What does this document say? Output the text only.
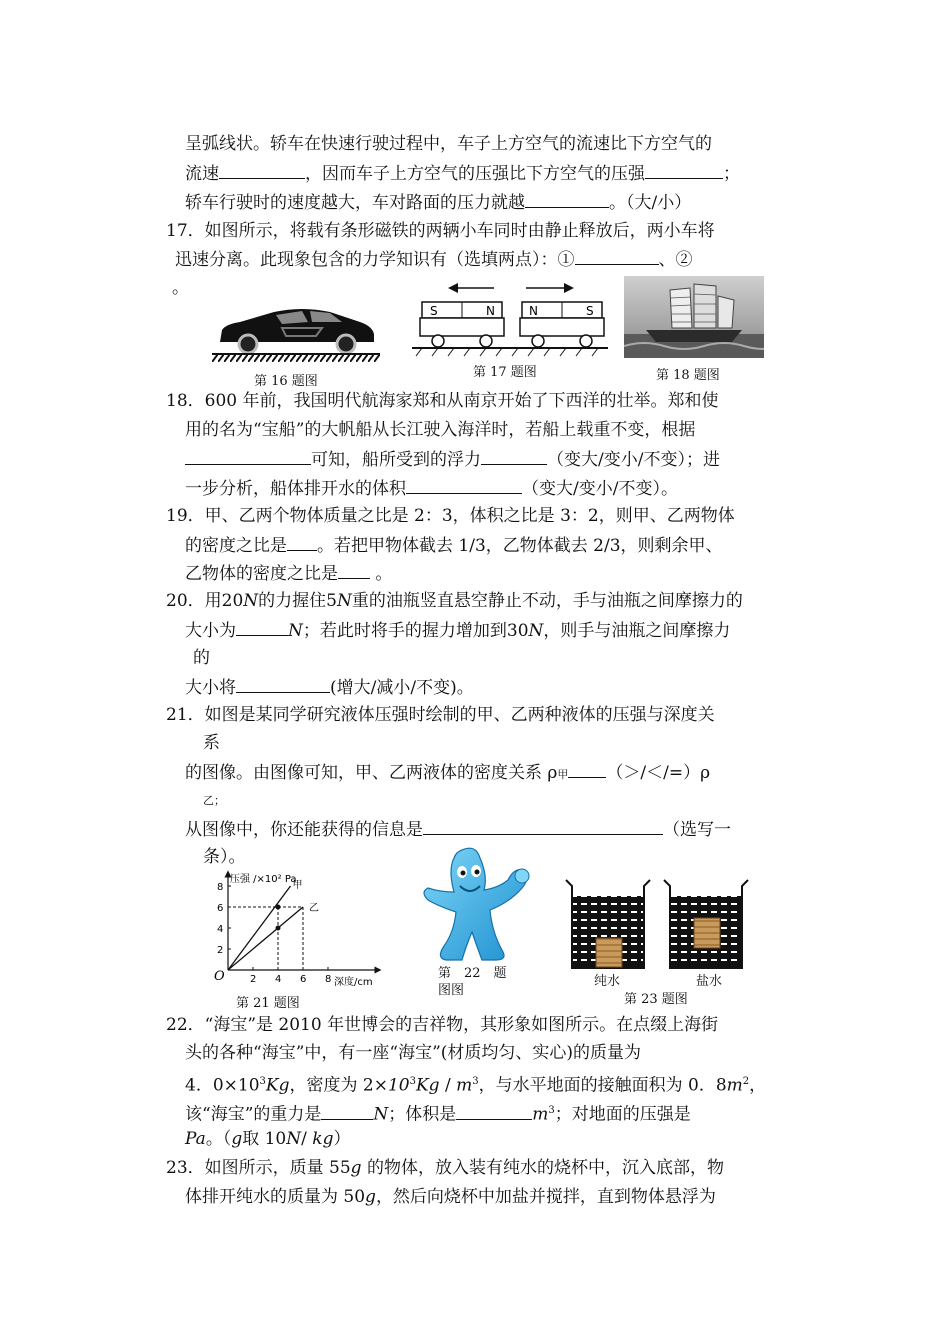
呈弧线状。轿车在快速行驶过程中，车子上方空气的流速比下方空气的
流速	，因而车子上方空气的压强比下方空气的压强	；
轿车行驶时的速度越大，车对路面的压力就越	。（大/小）
17．如图所示，将载有条形磁铁的两辆小车同时由静止释放后，两小车将
迅速分离。此现象包含的力学知识有（选填两点）：①	、②
。
第 16 题图
S	N	N	S
第 17 题图	第 18 题图
18．600 年前，我国明代航海家郑和从南京开始了下西洋的壮举。郑和使
用的名为“宝船”的大帆船从长江驶入海洋时，若船上载重不变，根据
可知，船所受到的浮力	（变大/变小/不变）；进
一步分析，船体排开水的体积	（变大/变小/不变）。
19．甲、乙两个物体质量之比是 2：3，体积之比是 3：2，则甲、乙两物体
的密度之比是 。若把甲物体截去 1/3，乙物体截去 2/3，则剩余甲、
乙物体的密度之比是 。
20．用20N的力握住5N重的油瓶竖直悬空静止不动，手与油瓶之间摩擦力的
大小为	N；若此时将手的握力增加到30N，则手与油瓶之间摩擦力
的
大小将	(增大/减小/不变)。
21．如图是某同学研究液体压强时绘制的甲、乙两种液体的压强与深度关
系
的图像。由图像可知，甲、乙两液体的密度关系 ρ甲 （＞/＜/=）ρ
乙；
从图像中，你还能获得的信息是	（选写一
条）。
压强 /×10² Pa
深度/cm
O	2 4 6 8
2
4
6
8	甲
乙
第 21 题图
第　22　题
图图
纯水	盐水
第 23 题图
22．“海宝”是 2010 年世博会的吉祥物，其形象如图所示。在点缀上海街
头的各种“海宝”中，有一座“海宝”(材质均匀、实心)的质量为
4．$0\times 10^3Kg$，密度为 $2\times 10^3Kg / m^3$，与水平地面的接触面积为 0．$8m^2$，
该“海宝”的重力是	N；体积是	$m^3$；对地面的压强是
Pa。（g取 10N/ kg）
23．如图所示，质量 55g 的物体，放入装有纯水的烧杯中，沉入底部，物
体排开纯水的质量为 50g，然后向烧杯中加盐并搅拌，直到物体悬浮为
